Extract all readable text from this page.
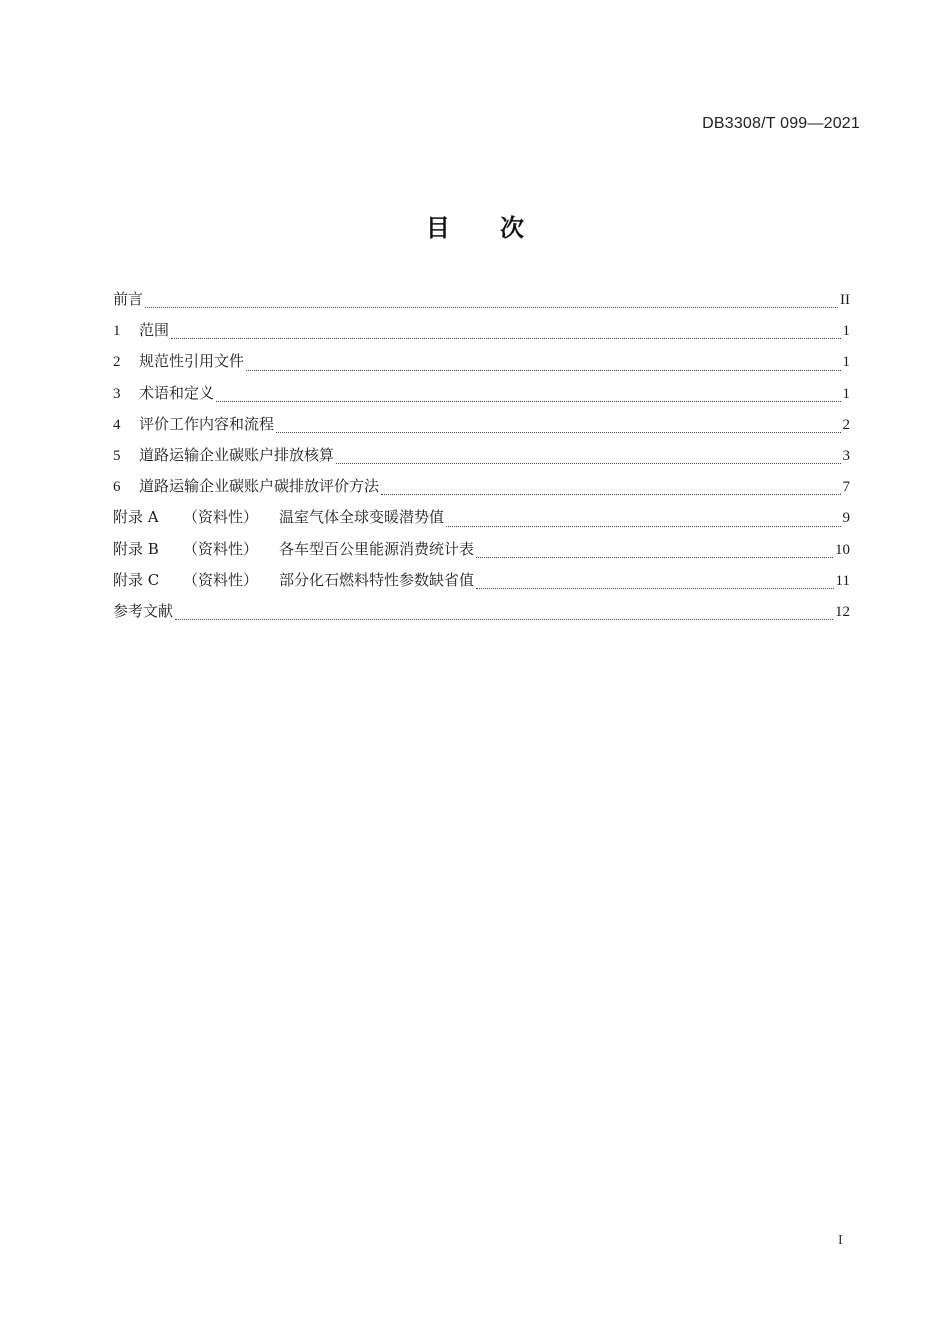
DB3308/T 099—2021
目      次
前言	II
1	范围	1
2	规范性引用文件	1
3	术语和定义	1
4	评价工作内容和流程	2
5	道路运输企业碳账户排放核算	3
6	道路运输企业碳账户碳排放评价方法	7
附录 A	（资料性）	温室气体全球变暖潜势值	9
附录 B	（资料性）	各车型百公里能源消费统计表	10
附录 C	（资料性）	部分化石燃料特性参数缺省值	11
参考文献	12
I
